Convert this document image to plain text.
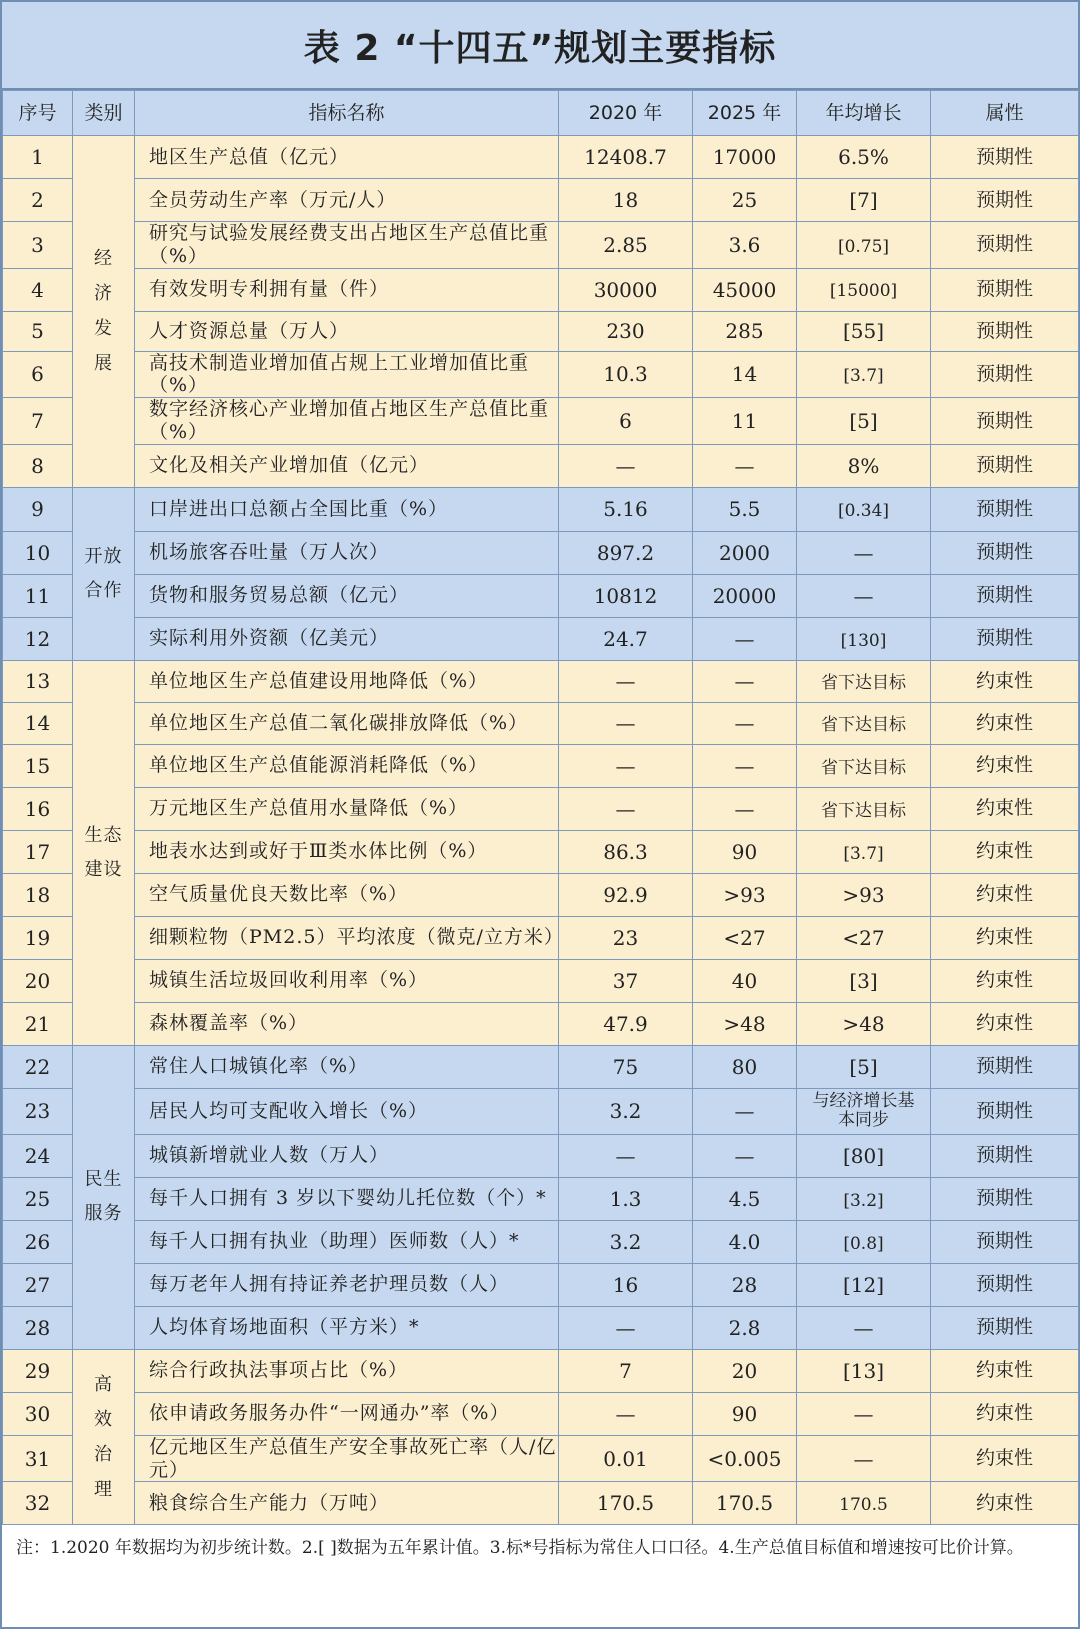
表 2 “十四五”规划主要指标
序号	类别	指标名称	2020 年	2025 年	年均增长	属性
1	经济发展	地区生产总值（亿元）	12408.7	17000	6.5%	预期性
2		全员劳动生产率（万元/人）	18	25	[7]	预期性
3		研究与试验发展经费支出占地区生产总值比重（%）	2.85	3.6	[0.75]	预期性
4		有效发明专利拥有量（件）	30000	45000	[15000]	预期性
5		人才资源总量（万人）	230	285	[55]	预期性
6		高技术制造业增加值占规上工业增加值比重（%）	10.3	14	[3.7]	预期性
7		数字经济核心产业增加值占地区生产总值比重（%）	6	11	[5]	预期性
8		文化及相关产业增加值（亿元）	—	—	8%	预期性
9	开放合作	口岸进出口总额占全国比重（%）	5.16	5.5	[0.34]	预期性
10		机场旅客吞吐量（万人次）	897.2	2000	—	预期性
11		货物和服务贸易总额（亿元）	10812	20000	—	预期性
12		实际利用外资额（亿美元）	24.7	—	[130]	预期性
13	生态建设	单位地区生产总值建设用地降低（%）	—	—	省下达目标	约束性
14		单位地区生产总值二氧化碳排放降低（%）	—	—	省下达目标	约束性
15		单位地区生产总值能源消耗降低（%）	—	—	省下达目标	约束性
16		万元地区生产总值用水量降低（%）	—	—	省下达目标	约束性
17		地表水达到或好于Ⅲ类水体比例（%）	86.3	90	[3.7]	约束性
18		空气质量优良天数比率（%）	92.9	>93	>93	约束性
19		细颗粒物（PM2.5）平均浓度（微克/立方米）	23	<27	<27	约束性
20		城镇生活垃圾回收利用率（%）	37	40	[3]	约束性
21		森林覆盖率（%）	47.9	>48	>48	约束性
22	民生服务	常住人口城镇化率（%）	75	80	[5]	预期性
23		居民人均可支配收入增长（%）	3.2	—	与经济增长基本同步	预期性
24		城镇新增就业人数（万人）	—	—	[80]	预期性
25		每千人口拥有 3 岁以下婴幼儿托位数（个）*	1.3	4.5	[3.2]	预期性
26		每千人口拥有执业（助理）医师数（人）*	3.2	4.0	[0.8]	预期性
27		每万老年人拥有持证养老护理员数（人）	16	28	[12]	预期性
28		人均体育场地面积（平方米）*	—	2.8	—	预期性
29	高效治理	综合行政执法事项占比（%）	7	20	[13]	约束性
30		依申请政务服务办件“一网通办”率（%）	—	90	—	约束性
31		亿元地区生产总值生产安全事故死亡率（人/亿元）	0.01	<0.005	—	约束性
32		粮食综合生产能力（万吨）	170.5	170.5	170.5	约束性
注：1.2020 年数据均为初步统计数。2.[ ]数据为五年累计值。3.标*号指标为常住人口口径。4.生产总值目标值和增速按可比价计算。
